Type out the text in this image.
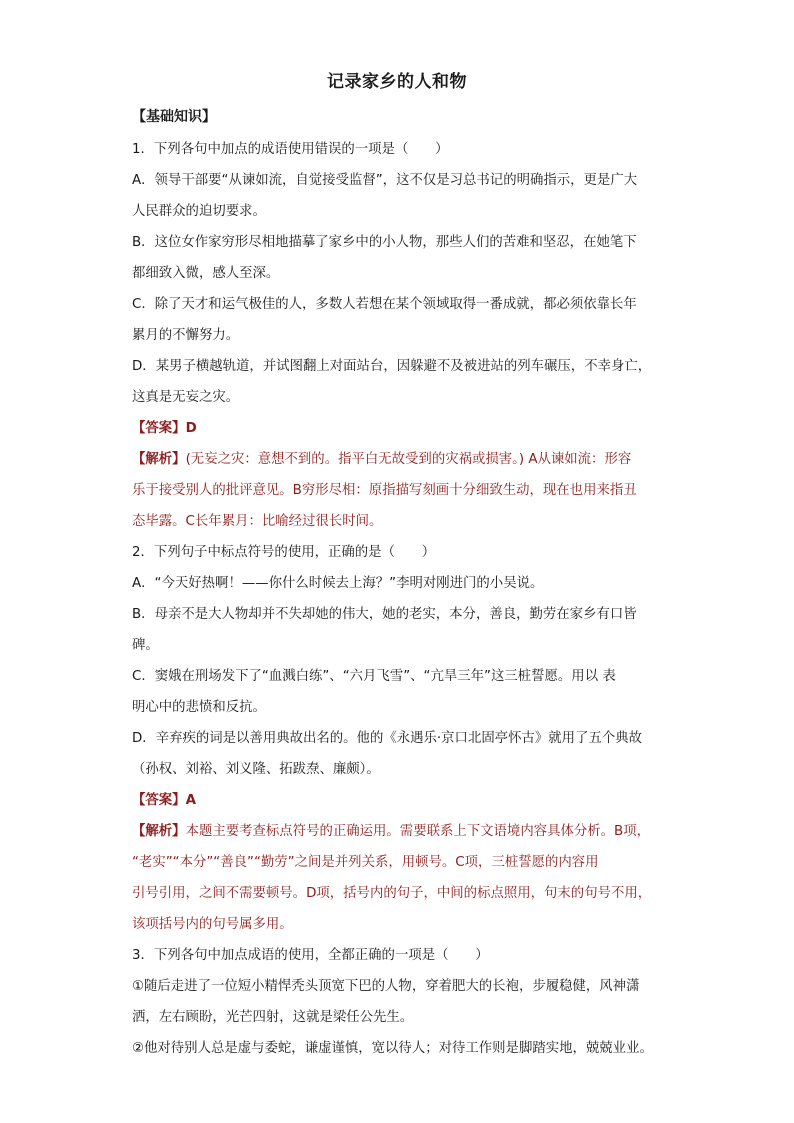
记录家乡的人和物
【基础知识】

1．下列各句中加点的成语使用错误的一项是（　　）

A．领导干部要“从谏如流，自觉接受监督”，这不仅是习总书记的明确指示，更是广大

人民群众的迫切要求。

B．这位女作家穷形尽相地描摹了家乡中的小人物，那些人们的苦难和坚忍，在她笔下

都细致入微，感人至深。

C．除了天才和运气极佳的人，多数人若想在某个领域取得一番成就，都必须依靠长年

累月的不懈努力。

D．某男子横越轨道，并试图翻上对面站台，因躲避不及被进站的列车碾压，不幸身亡，

这真是无妄之灾。

【答案】D

【解析】(无妄之灾：意想不到的。指平白无故受到的灾祸或损害。) A从谏如流：形容

乐于接受别人的批评意见。B穷形尽相：原指描写刻画十分细致生动，现在也用来指丑

态毕露。C长年累月：比喻经过很长时间。

2．下列句子中标点符号的使用，正确的是（　　）

A．“今天好热啊！——你什么时候去上海？”李明对刚进门的小吴说。

B．母亲不是大人物却并不失却她的伟大，她的老实，本分，善良，勤劳在家乡有口皆

碑。

C．窦娥在刑场发下了“血溅白练”、“六月飞雪”、“亢旱三年”这三桩誓愿。用以 表

明心中的悲愤和反抗。

D．辛弃疾的词是以善用典故出名的。他的《永遇乐·京口北固亭怀古》就用了五个典故

（孙权、刘裕、刘义隆、拓跋焘、廉颇）。

【答案】A

【解析】本题主要考查标点符号的正确运用。需要联系上下文语境内容具体分析。B项，

“老实”“本分”“善良”“勤劳”之间是并列关系，用顿号。C项，三桩誓愿的内容用

引号引用，之间不需要顿号。D项，括号内的句子，中间的标点照用，句末的句号不用，

该项括号内的句号属多用。

3．下列各句中加点成语的使用，全都正确的一项是（　　）

①随后走进了一位短小精悍秃头顶宽下巴的人物，穿着肥大的长袍，步履稳健，风神潇

洒，左右顾盼，光芒四射，这就是梁任公先生。

②他对待别人总是虚与委蛇，谦虚谨慎，宽以待人；对待工作则是脚踏实地，兢兢业业。
